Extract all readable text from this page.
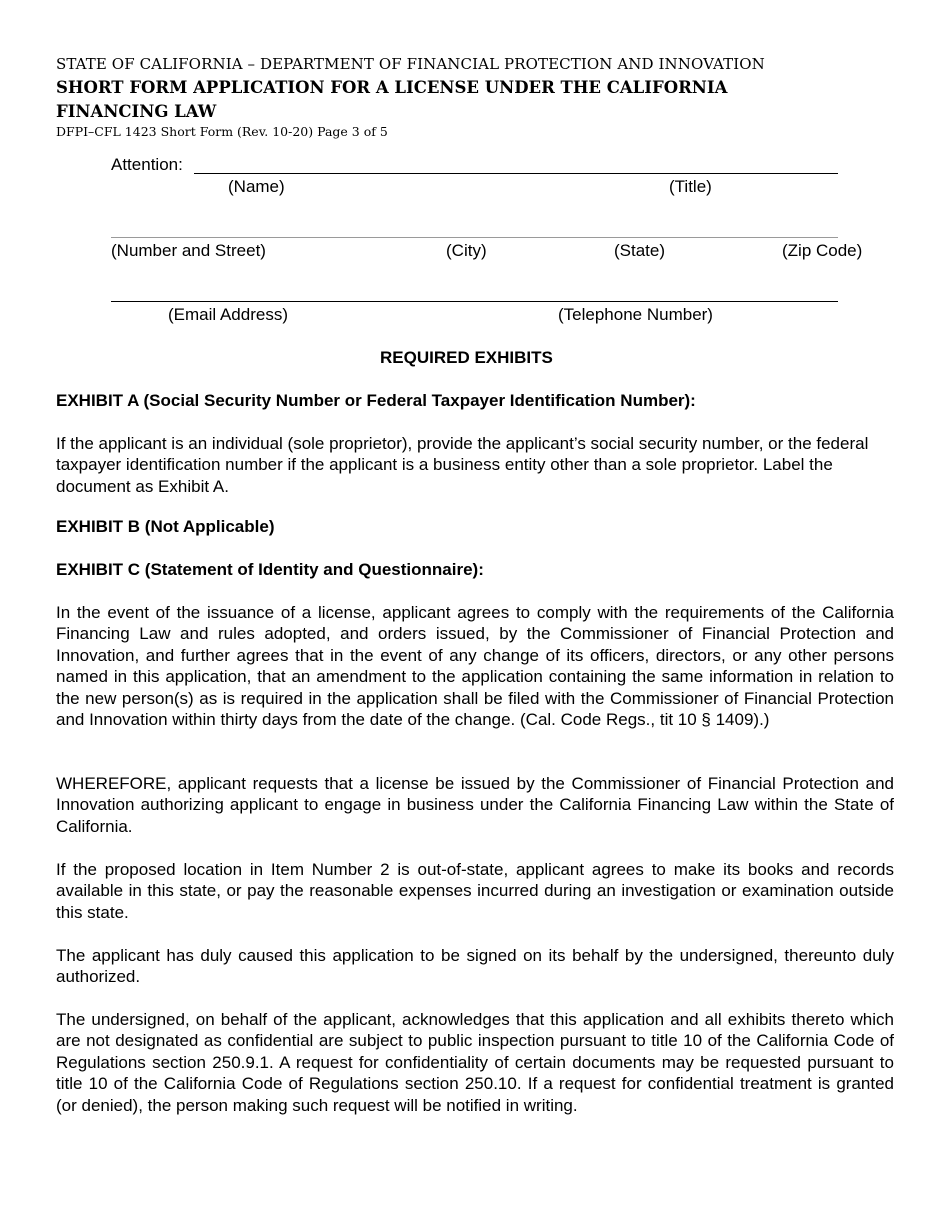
STATE OF CALIFORNIA – DEPARTMENT OF FINANCIAL PROTECTION AND INNOVATION
SHORT FORM APPLICATION FOR A LICENSE UNDER THE CALIFORNIA FINANCING LAW
DFPI–CFL 1423 Short Form (Rev. 10-20) Page 3 of 5
Attention:
(Name)	(Title)
(Number and Street)	(City)	(State)	(Zip Code)
(Email Address)	(Telephone Number)
REQUIRED EXHIBITS
EXHIBIT A (Social Security Number or Federal Taxpayer Identification Number):
If the applicant is an individual (sole proprietor), provide the applicant’s social security number, or the federal taxpayer identification number if the applicant is a business entity other than a sole proprietor. Label the document as Exhibit A.
EXHIBIT B (Not Applicable)
EXHIBIT C (Statement of Identity and Questionnaire):
In the event of the issuance of a license, applicant agrees to comply with the requirements of the California Financing Law and rules adopted, and orders issued, by the Commissioner of Financial Protection and Innovation, and further agrees that in the event of any change of its officers, directors, or any other persons named in this application, that an amendment to the application containing the same information in relation to the new person(s) as is required in the application shall be filed with the Commissioner of Financial Protection and Innovation within thirty days from the date of the change. (Cal. Code Regs., tit 10 § 1409).)
WHEREFORE, applicant requests that a license be issued by the Commissioner of Financial Protection and Innovation authorizing applicant to engage in business under the California Financing Law within the State of California.
If the proposed location in Item Number 2 is out-of-state, applicant agrees to make its books and records available in this state, or pay the reasonable expenses incurred during an investigation or examination outside this state.
The applicant has duly caused this application to be signed on its behalf by the undersigned, thereunto duly authorized.
The undersigned, on behalf of the applicant, acknowledges that this application and all exhibits thereto which are not designated as confidential are subject to public inspection pursuant to title 10 of the California Code of Regulations section 250.9.1. A request for confidentiality of certain documents may be requested pursuant to title 10 of the California Code of Regulations section 250.10. If a request for confidential treatment is granted (or denied), the person making such request will be notified in writing.
